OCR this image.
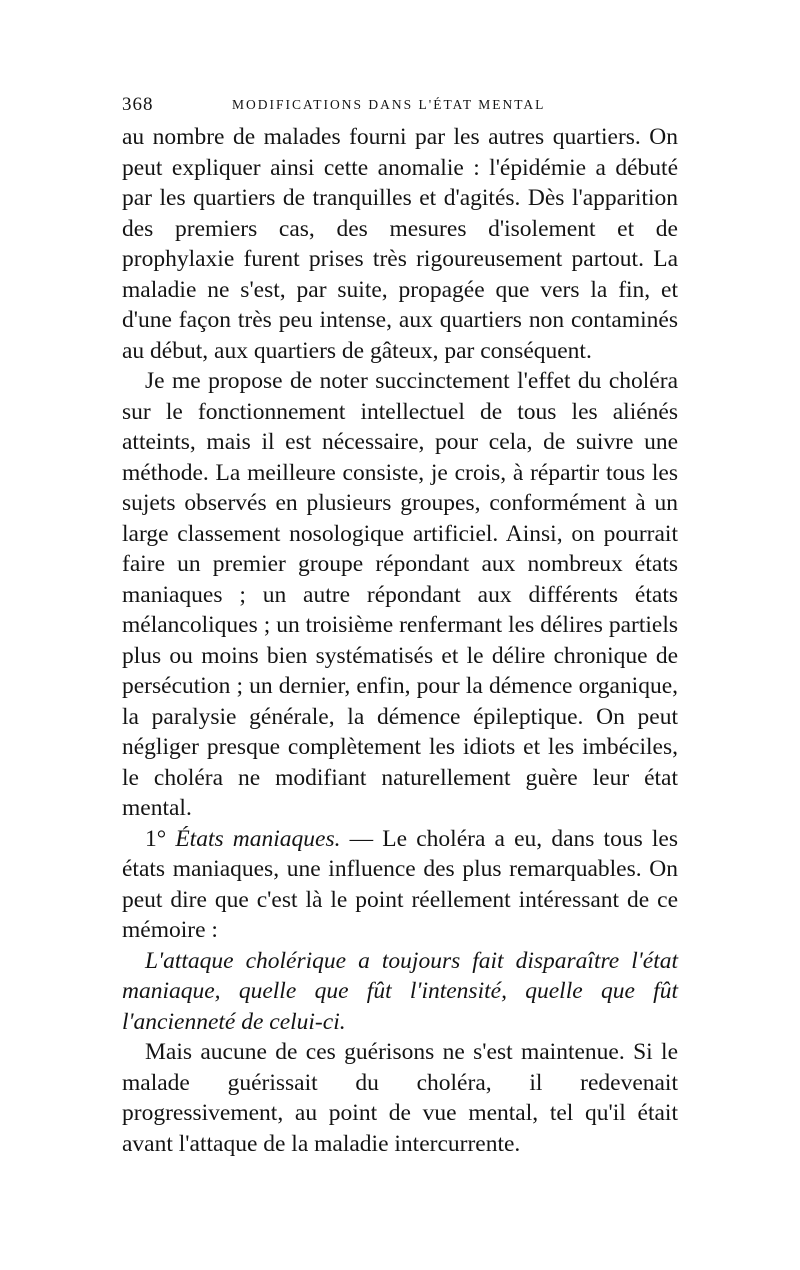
368	MODIFICATIONS DANS L'ÉTAT MENTAL

au nombre de malades fourni par les autres quartiers. On peut expliquer ainsi cette anomalie : l'épidémie a débuté par les quartiers de tranquilles et d'agités. Dès l'apparition des premiers cas, des mesures d'isolement et de prophylaxie furent prises très rigoureusement partout. La maladie ne s'est, par suite, propagée que vers la fin, et d'une façon très peu intense, aux quartiers non contaminés au début, aux quartiers de gâteux, par conséquent.

Je me propose de noter succinctement l'effet du choléra sur le fonctionnement intellectuel de tous les aliénés atteints, mais il est nécessaire, pour cela, de suivre une méthode. La meilleure consiste, je crois, à répartir tous les sujets observés en plusieurs groupes, conformément à un large classement nosologique artificiel. Ainsi, on pourrait faire un premier groupe répondant aux nombreux états maniaques ; un autre répondant aux différents états mélancoliques ; un troisième renfermant les délires partiels plus ou moins bien systématisés et le délire chronique de persécution ; un dernier, enfin, pour la démence organique, la paralysie générale, la démence épileptique. On peut négliger presque complètement les idiots et les imbéciles, le choléra ne modifiant naturellement guère leur état mental.

1° États maniaques. — Le choléra a eu, dans tous les états maniaques, une influence des plus remarquables. On peut dire que c'est là le point réellement intéressant de ce mémoire :

L'attaque cholérique a toujours fait disparaître l'état maniaque, quelle que fût l'intensité, quelle que fût l'ancienneté de celui-ci.

Mais aucune de ces guérisons ne s'est maintenue. Si le malade guérissait du choléra, il redevenait progressivement, au point de vue mental, tel qu'il était avant l'attaque de la maladie intercurrente.
